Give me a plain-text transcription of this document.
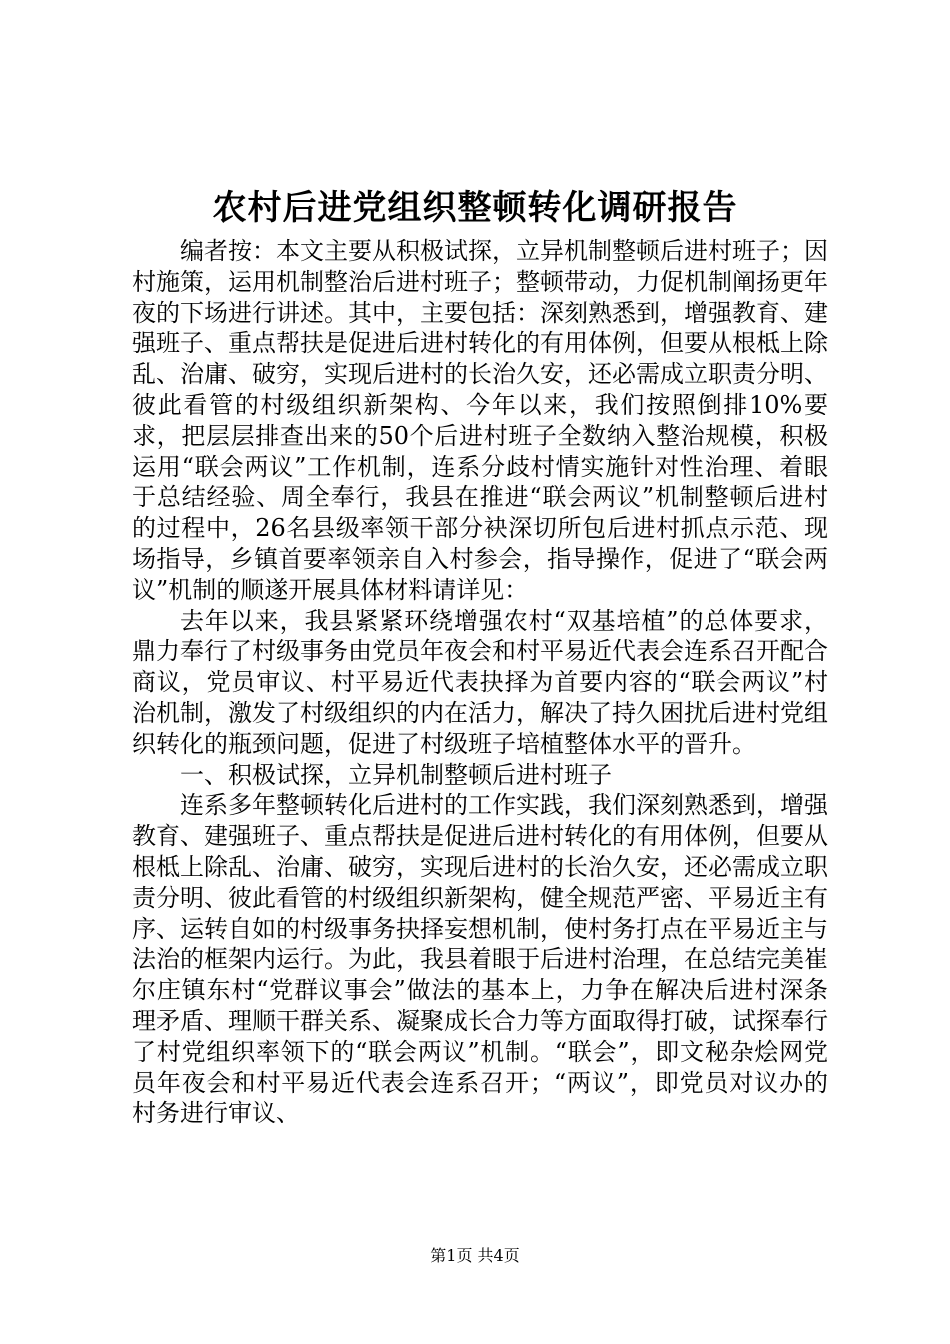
农村后进党组织整顿转化调研报告

编者按：本文主要从积极试探，立异机制整顿后进村班子；因村施策，运用机制整治后进村班子；整顿带动，力促机制阐扬更年夜的下场进行讲述。其中，主要包括：深刻熟悉到，增强教育、建强班子、重点帮扶是促进后进村转化的有用体例，但要从根柢上除乱、治庸、破穷，实现后进村的长治久安，还必需成立职责分明、彼此看管的村级组织新架构、今年以来，我们按照倒排10%要求，把层层排查出来的50个后进村班子全数纳入整治规模，积极运用“联会两议”工作机制，连系分歧村情实施针对性治理、着眼于总结经验、周全奉行，我县在推进“联会两议”机制整顿后进村的过程中，26名县级率领干部分袂深切所包后进村抓点示范、现场指导，乡镇首要率领亲自入村参会，指导操作，促进了“联会两议”机制的顺遂开展具体材料请详见：

去年以来，我县紧紧环绕增强农村“双基培植”的总体要求，鼎力奉行了村级事务由党员年夜会和村平易近代表会连系召开配合商议，党员审议、村平易近代表抉择为首要内容的“联会两议”村治机制，激发了村级组织的内在活力，解决了持久困扰后进村党组织转化的瓶颈问题，促进了村级班子培植整体水平的晋升。

一、积极试探，立异机制整顿后进村班子

连系多年整顿转化后进村的工作实践，我们深刻熟悉到，增强教育、建强班子、重点帮扶是促进后进村转化的有用体例，但要从根柢上除乱、治庸、破穷，实现后进村的长治久安，还必需成立职责分明、彼此看管的村级组织新架构，健全规范严密、平易近主有序、运转自如的村级事务抉择妄想机制，使村务打点在平易近主与法治的框架内运行。为此，我县着眼于后进村治理，在总结完美崔尔庄镇东村“党群议事会”做法的基本上，力争在解决后进村深条理矛盾、理顺干群关系、凝聚成长合力等方面取得打破，试探奉行了村党组织率领下的“联会两议”机制。“联会”，即文秘杂烩网党员年夜会和村平易近代表会连系召开；“两议”，即党员对议办的村务进行审议、

第1页 共4页
